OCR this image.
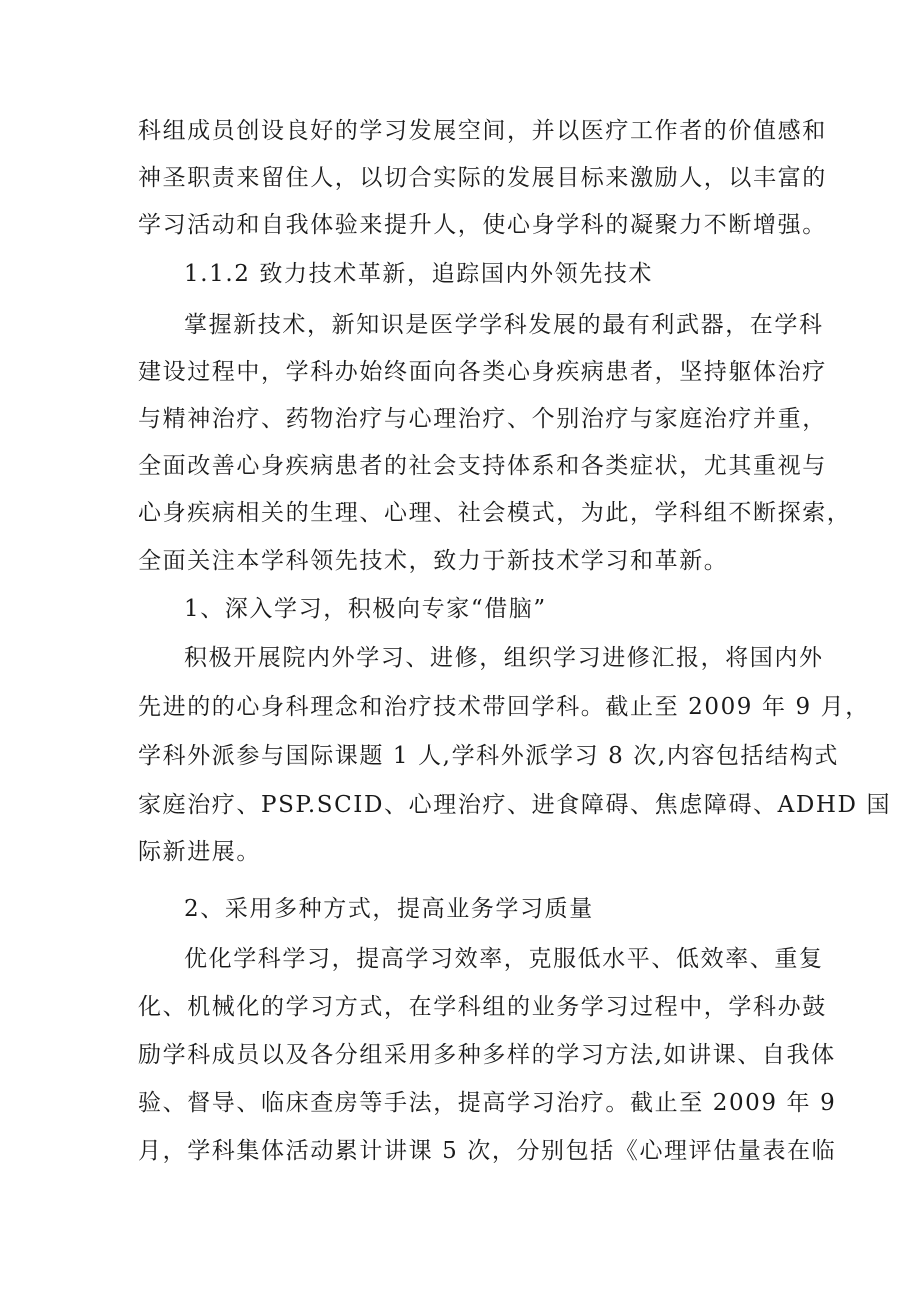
科组成员创设良好的学习发展空间，并以医疗工作者的价值感和
神圣职责来留住人，以切合实际的发展目标来激励人，以丰富的
学习活动和自我体验来提升人，使心身学科的凝聚力不断增强。
1.1.2 致力技术革新，追踪国内外领先技术
掌握新技术，新知识是医学学科发展的最有利武器，在学科
建设过程中，学科办始终面向各类心身疾病患者，坚持躯体治疗
与精神治疗、药物治疗与心理治疗、个别治疗与家庭治疗并重，
全面改善心身疾病患者的社会支持体系和各类症状，尤其重视与
心身疾病相关的生理、心理、社会模式，为此，学科组不断探索，
全面关注本学科领先技术，致力于新技术学习和革新。
1、深入学习，积极向专家“借脑”
积极开展院内外学习、进修，组织学习进修汇报，将国内外
先进的的心身科理念和治疗技术带回学科。截止至 2009 年 9 月，
学科外派参与国际课题 1 人,学科外派学习 8 次,内容包括结构式
家庭治疗、PSP.SCID、心理治疗、进食障碍、焦虑障碍、ADHD 国
际新进展。
2、采用多种方式，提高业务学习质量
优化学科学习，提高学习效率，克服低水平、低效率、重复
化、机械化的学习方式，在学科组的业务学习过程中，学科办鼓
励学科成员以及各分组采用多种多样的学习方法,如讲课、自我体
验、督导、临床查房等手法，提高学习治疗。截止至 2009 年 9
月，学科集体活动累计讲课 5 次，分别包括《心理评估量表在临
